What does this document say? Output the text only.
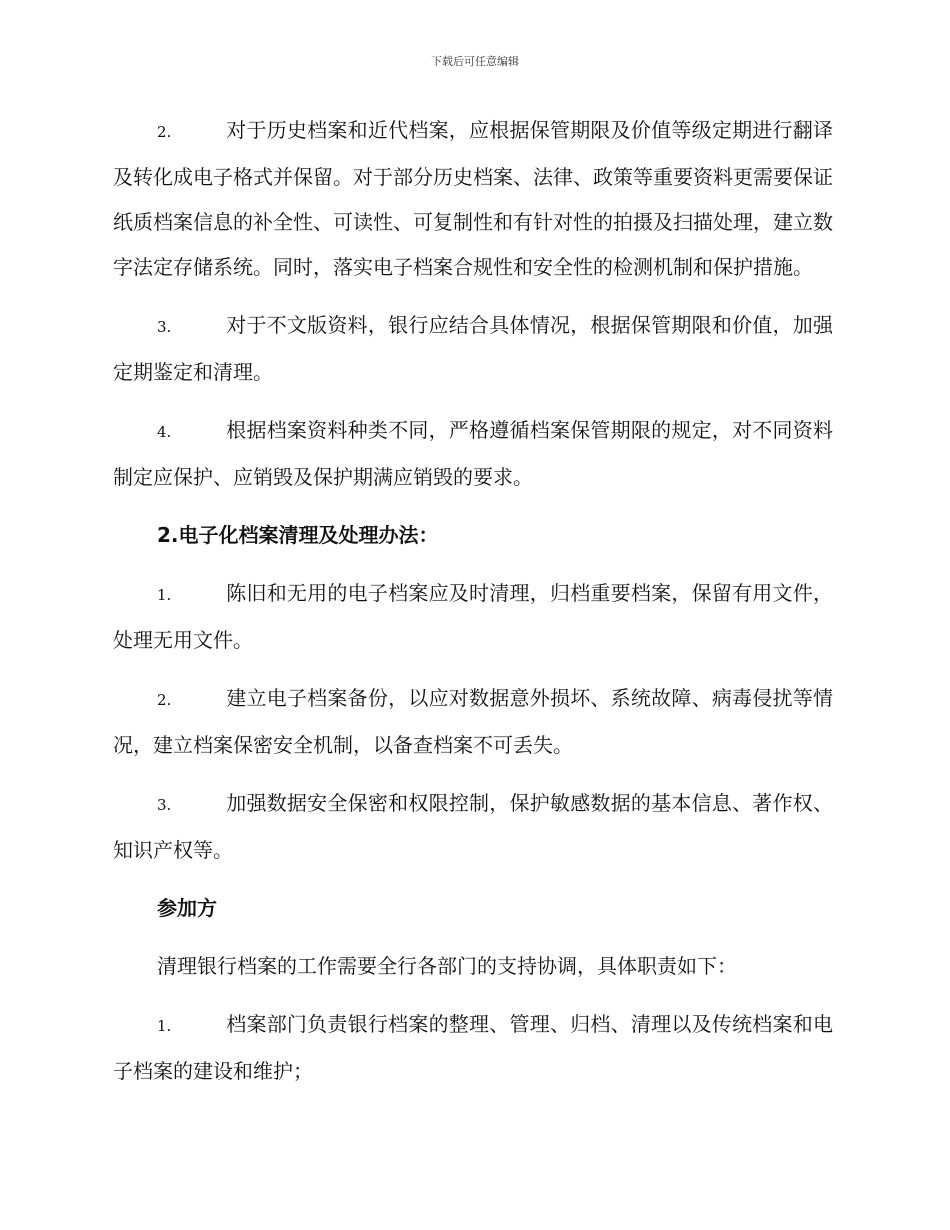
下载后可任意编辑

2.	对于历史档案和近代档案，应根据保管期限及价值等级定期进行翻译及转化成电子格式并保留。对于部分历史档案、法律、政策等重要资料更需要保证纸质档案信息的补全性、可读性、可复制性和有针对性的拍摄及扫描处理，建立数字法定存储系统。同时，落实电子档案合规性和安全性的检测机制和保护措施。

3.	对于不文版资料，银行应结合具体情况，根据保管期限和价值，加强定期鉴定和清理。

4.	根据档案资料种类不同，严格遵循档案保管期限的规定，对不同资料制定应保护、应销毁及保护期满应销毁的要求。

2.电子化档案清理及处理办法：

1.	陈旧和无用的电子档案应及时清理，归档重要档案，保留有用文件，处理无用文件。

2.	建立电子档案备份，以应对数据意外损坏、系统故障、病毒侵扰等情况，建立档案保密安全机制，以备查档案不可丢失。

3.	加强数据安全保密和权限控制，保护敏感数据的基本信息、著作权、知识产权等。

参加方

清理银行档案的工作需要全行各部门的支持协调，具体职责如下：

1.	档案部门负责银行档案的整理、管理、归档、清理以及传统档案和电子档案的建设和维护；
